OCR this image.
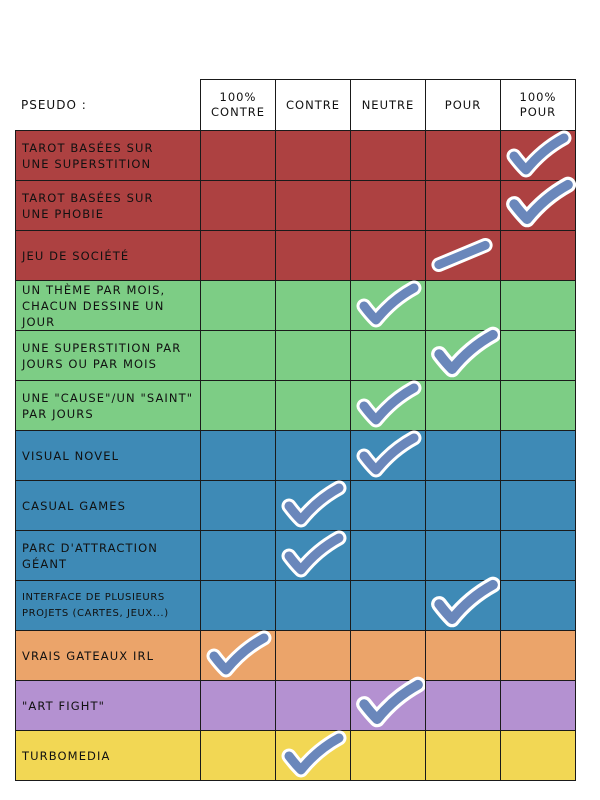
PSEUDO :
100%
CONTRE
CONTRE	NEUTRE	POUR
100%
POUR
TAROT BASÉES SUR
UNE SUPERSTITION
TAROT BASÉES SUR
UNE PHOBIE
JEU DE SOCIÉTÉ
UN THÈME PAR MOIS,
CHACUN DESSINE UN JOUR
UNE SUPERSTITION PAR
JOURS OU PAR MOIS
UNE "CAUSE"/UN "SAINT"
PAR JOURS
VISUAL NOVEL
CASUAL GAMES
PARC D'ATTRACTION
GÉANT
INTERFACE DE PLUSIEURS
PROJETS (CARTES, JEUX...)
VRAIS GATEAUX IRL
"ART FIGHT"
TURBOMEDIA
